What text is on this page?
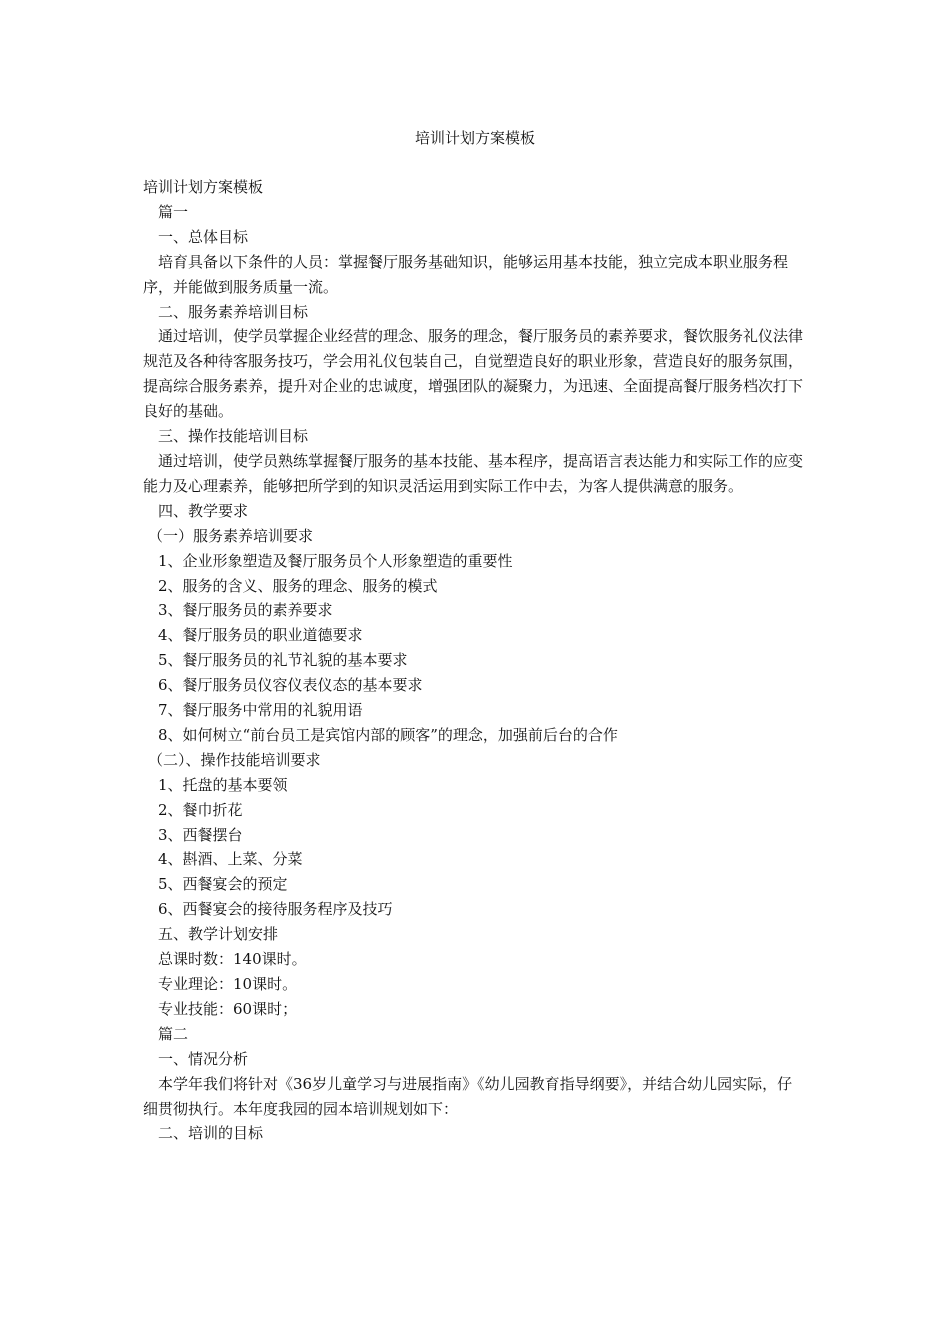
培训计划方案模板

培训计划方案模板

篇一

一、总体目标

培育具备以下条件的人员：掌握餐厅服务基础知识，能够运用基本技能，独立完成本职业服务程序，并能做到服务质量一流。

二、服务素养培训目标

通过培训，使学员掌握企业经营的理念、服务的理念，餐厅服务员的素养要求，餐饮服务礼仪法律规范及各种待客服务技巧，学会用礼仪包装自己，自觉塑造良好的职业形象，营造良好的服务氛围，提高综合服务素养，提升对企业的忠诚度，增强团队的凝聚力，为迅速、全面提高餐厅服务档次打下良好的基础。

三、操作技能培训目标

通过培训，使学员熟练掌握餐厅服务的基本技能、基本程序，提高语言表达能力和实际工作的应变能力及心理素养，能够把所学到的知识灵活运用到实际工作中去，为客人提供满意的服务。

四、教学要求

（一）服务素养培训要求

1、企业形象塑造及餐厅服务员个人形象塑造的重要性

2、服务的含义、服务的理念、服务的模式

3、餐厅服务员的素养要求

4、餐厅服务员的职业道德要求

5、餐厅服务员的礼节礼貌的基本要求

6、餐厅服务员仪容仪表仪态的基本要求

7、餐厅服务中常用的礼貌用语

8、如何树立“前台员工是宾馆内部的顾客”的理念，加强前后台的合作

（二）、操作技能培训要求

1、托盘的基本要领

2、餐巾折花

3、西餐摆台

4、斟酒、上菜、分菜

5、西餐宴会的预定

6、西餐宴会的接待服务程序及技巧

五、教学计划安排

总课时数：140课时。

专业理论：10课时。

专业技能：60课时；

篇二

一、情况分析

本学年我们将针对《36岁儿童学习与进展指南》《幼儿园教育指导纲要》，并结合幼儿园实际，仔细贯彻执行。本年度我园的园本培训规划如下：

二、培训的目标
